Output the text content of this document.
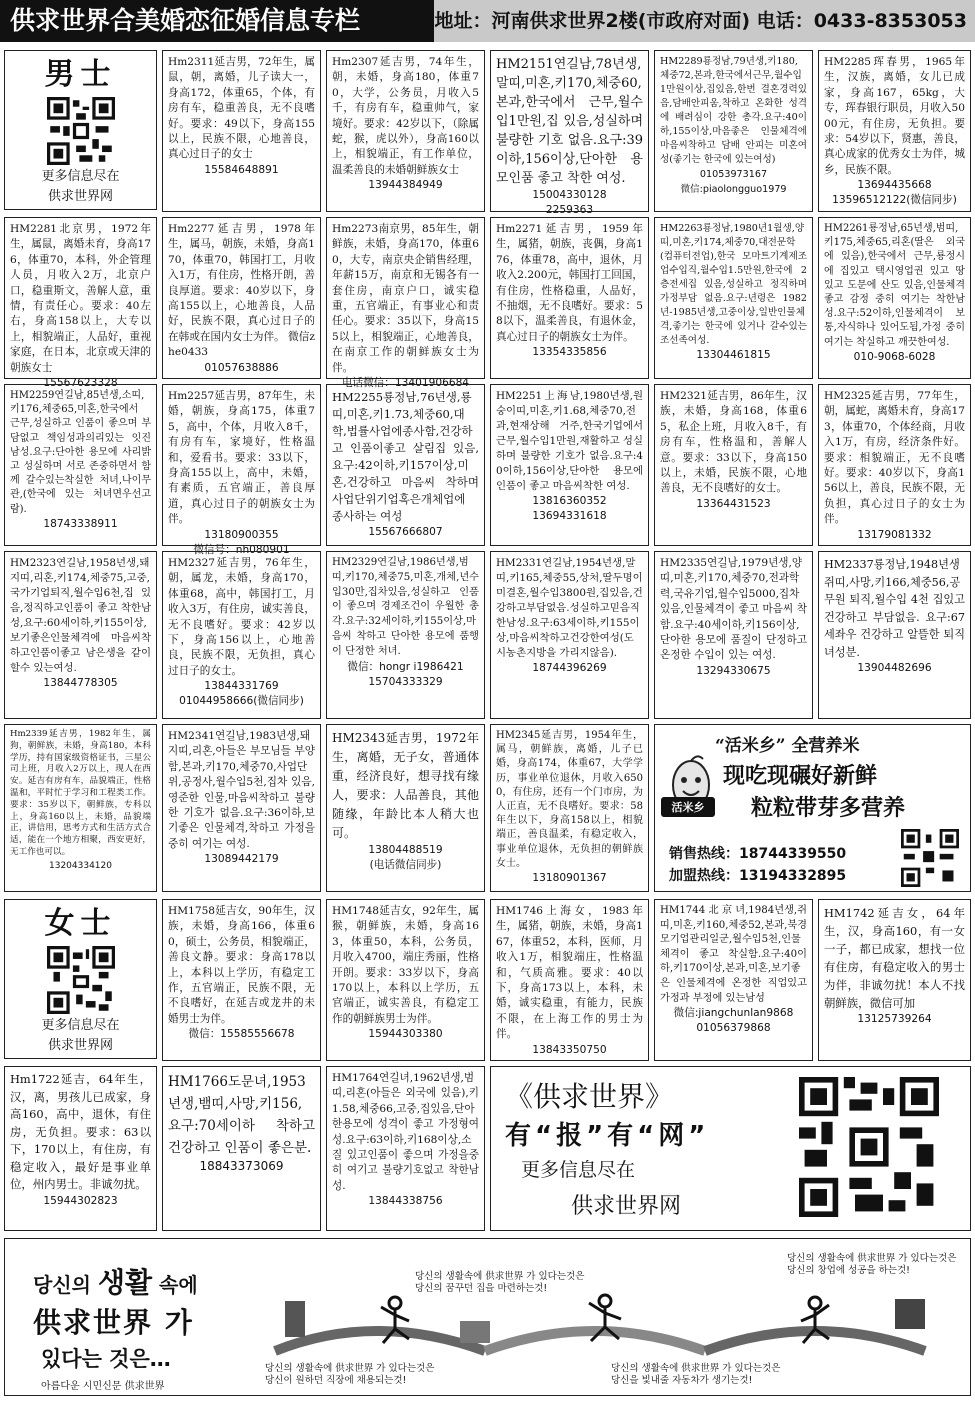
供求世界合美婚恋征婚信息专栏	地址：河南供求世界2楼(市政府对面) 电话：0433-8353053
男士
更多信息尽在
供求世界网
女士
更多信息尽在
供求世界网
Hm2311延吉男，72年生，属鼠，朝，离婚，儿子读大一，身高172，体重65，个体，有房有车，稳重善良，无不良嗜好。要求：49以下，身高155以上，民族不限，心地善良，真心过日子的女士
15584648891
Hm2307延吉男，74年生，朝，未婚，身高180，体重70，大学，公务员，月收入5千，有房有车，稳重帅气，家境好。要求：42岁以下，（除属蛇，猴，虎以外），身高160以上，相貌端正，有工作单位，温柔善良的未婚朝鲜族女士
13944384949
HM2151연길남,78년생,말띠,미혼,키170,체중60,본과,한국에서 근무,월수입1만원,집 있음,성실하며 불량한 기호 없음.요구:39이하,156이상,단아한 용모인품 좋고 착한 여성.
15004330128
2259363
HM2289룡정남,79년생,키180,체중72,본과,한국에서근무,월수입1만원이상,집있음,한번 결혼경력있음,담배안피움,착하고 온화한 성격에 배려심이 강한 총각.요구:40이하,155이상,마음좋은 인물체격에 마음씨착하고 담배 안피는 미혼여성(좋기는 한국에 있는여성)
01053973167
微信:piaolongguo1979
HM2285珲春男，1965年生，汉族，离婚，女儿已成家，身高167，65kg，大专，珲春银行职员，月收入5000元，有住房，无负担。要求：54岁以下，贤惠，善良，真心成家的优秀女士为伴，城乡，民族不限。
13694435668
13596512122(微信同步)
HM2281北京男，1972年生，属鼠，离婚未育，身高176，体重70，本科，外企管理人员，月收入2万，北京户口，稳重斯文，善解人意，重情，有责任心。要求：40左右，身高158以上，大专以上，相貌端正，人品好，重视家庭，在日本，北京或天津的朝族女士
15567623328
Hm2277延吉男，1978年生，属马，朝族，未婚，身高170，体重70，韩国打工，月收入1万，有住房，性格开朗，善良厚道。要求：40岁以下，身高155以上，心地善良，人品好，民族不限，真心过日子的在韩或在国内女士为伴。 微信zhe0433
01057638886
Hm2273南京男，85年生，朝鲜族，未婚，身高170，体重60，大专，南京央企销售经理，年薪15万，南京和无锡各有一套住房，南京户口，诚实稳重，五官端正，有事业心和责任心。要求：35以下，身高155以上，相貌端正，心地善良，在南京工作的朝鲜族女士为伴。
电话微信：13401906684
Hm2271延吉男，1959年生，属猪，朝族，丧偶，身高176，体重78，高中，退休，月收入2.200元，韩国打工回国，有住房，性格稳重，人品好，不抽烟，无不良嗜好。要求：58以下，温柔善良，有退休金，真心过日子的朝族女士为伴。
13354335856
HM2263룡정남,1980년1월생,양띠,미혼,키174,체중70,대전문학(컴퓨터전업),한국 모마트기계제조업수입직,월수입1.5만원,한국에 2층전세집 있음,성실하고 정직하며 가정부담 없음.요구:년령은 1982년-1985년생,고중이상,일반인물체격,좋기는 한국에 있거나 갈수있는 조선족여성.
13304461815
HM2261룡정남,65년생,범띠,키175,체중65,리혼(딸은 외국에 있음),한국에서 근무,룡정시에 집있고 택시영업권 있고 땅 있고 도문에 산도 있음,인물체격 좋고 감정 중히 여기는 착한남성.요구:52이하,인물체격이 보통,자식하나 있어도됨,가정 중히 여기는 착실하고 깨끗한여성.
010-9068-6028
HM2259연길남,85년생,소띠,키176,체중65,미혼,한국에서 근무,성실하고 인품이 좋으며 부담없고 책임성과의리있는 잇진 남성.요구:단아한 용모에 사리밝고 성실하며 서로 존중하면서 함께 갈수있는착실한 처녀,나이무관,(한국에 있는 처녀면우선고람).
18743338911
Hm2257延吉男，87年生，未婚，朝族，身高175，体重75，高中，个体，月收入8千，有房有车，家境好，性格温和，爱看书。要求：33以下，身高155以上，高中，未婚，有素质，五官端正，善良厚道，真心过日子的朝族女士为伴。
13180900355
微信号：nh080901
HM2255룡정남,76년생,룡띠,미혼,키1.73,체중60,대학,법률사업에종사함,건강하고 인품이좋고 살림집 있음,요구:42이하,키157이상,미혼,건강하고 마음씨 착하며 사업단위기업혹은개체업에 종사하는 여성
15567666807
HM2251上海남,1980년생,원숭이띠,미혼,키1.68,체중70,전과,현재상해 거주,한국기업에서근무,월수입1만원,재활하고 성실하며 불량한 기호가 없음.요구:40이하,156이상,단아한 용모에 인품이 좋고 마음씨착한 여성.
13816360352
13694331618
HM2321延吉男，86年生，汉族，未婚，身高168，体重65，私企上班，月收入8千，有房有车，性格温和，善解人意。要求：33以下，身高150以上，未婚，民族不限，心地善良，无不良嗜好的女士。
13364431523
HM2325延吉男，77年生，朝，属蛇，离婚未育，身高173，体重70，个体经商，月收入1万，有房，经济条件好。要求：相貌端正，无不良嗜好。要求：40岁以下，身高156以上，善良，民族不限，无负担，真心过日子的女士为伴。
13179081332
HM2323연길남,1958년생,돼지띠,리혼,키174,체중75,고중,국가기업퇴직,월수입6천,집 있음,정직하고인품이 좋고 착한남성,요구:60세이하,키155이상,보기좋은인물체격에 마음씨착하고인품이좋고 남은생을 같이할수 있는여성.
13844778305
HM2327延吉男，76年生，朝，属龙，未婚，身高170，体重68，高中，韩国打工，月收入3万，有住房，诚实善良，无不良嗜好。要求：42岁以下，身高156以上，心地善良，民族不限，无负担，真心过日子的女士。
13844331769
01044958666(微信同步)
HM2329연길남,1986년생,범띠,키170,체중75,미혼,개체,년수입30만,집차있음,성실하고 인품이 좋으며 경제조건이 우월한 총각.요구:32세이하,키155이상,마음씨 착하고 단아한 용모에 품행이 단정한 처녀.
微信：hongr i1986421
15704333329
HM2331연길남,1954년생,말띠,키165,체중55,상처,딸두명이미결혼,월수입3800원,집있음,건강하고부담없음.성실하고믿음직한남성.요구:63세이하,키155이상,마음씨착하고건강한여성(도시농촌지방을 가리지않음).
18744396269
HM2335연길남,1979년생,양띠,미혼,키170,체중70,전과학력,국유기업,월수입5000,집차있음,인물체격이 좋고 마음씨 착함.요구:40세이하,키156이상,단아한 용모에 품질이 단정하고 온정한 수입이 있는 여성.
13294330675
HM2337룡정남,1948년생쥐띠,사망,키166,체중56,공무원 퇴직,월수입 4천 집있고 건강하고 부담없음. 요구:67세좌우 건강하고 알뜰한 퇴직녀성분.
13904482696
Hm2339延吉男，1982年生，属狗，朝鲜族，未婚，身高180，本科学历，持有国家级资格证书，三星公司上班，月收入2万以上，现人在西安。延吉有房有车，品貌端正，性格温和，平时忙于学习和工程类工作。要求：35岁以下，朝鲜族，专科以上，身高160以上，未婚，品貌端正，讲信用，思考方式和生活方式合适，能在一个地方相聚，西安更好，无工作也可以。
13204334120
HM2341연길남,1983년생,돼지띠,리혼,아들은 부모님들 부양함,본과,키170,체중70,사업단위,공정사,월수입5천,집차 있음,영준한 인물,마음씨착하고 불량한 기호가 없음.요구:36이하,보기좋은 인물체격,착하고 가정을 중히 여기는 여성.
13089442179
HM2343延吉男，1972年生，离婚，无子女，普通体重，经济良好，想寻找有缘人，要求：人品善良，其他随缘，年龄比本人稍大也可。
13804488519
(电话微信同步)
HM2345延吉男，1954年生，属马，朝鲜族，离婚，儿子已婚，身高174，体重67，大学学历，事业单位退休，月收入6500，有住房，还有一个门市房，为人正直，无不良嗜好。要求：58年生以下，身高158以上，相貌端正，善良温柔，有稳定收入，事业单位退休，无负担的朝鲜族女士。
13180901367
“活米乡” 全营养米
活米乡
现吃现碾好新鲜
粒粒带芽多营养
销售热线：18744339550
加盟热线：13194332895
HM1758延吉女，90年生，汉族，未婚，身高166，体重60，硕士，公务员，相貌端正，善良文静。要求：身高178以上，本科以上学历，有稳定工作，五官端正，民族不限，无不良嗜好，在延吉或龙井的未婚男士为伴。
微信：15585556678
HM1748延吉女，92年生，属猴，朝鲜族，未婚，身高163，体重50，本科，公务员，月收入4700，端庄秀丽，性格开朗。要求：33岁以下，身高170以上，本科以上学历，五官端正，诚实善良，有稳定工作的朝鲜族男士为伴。
15944303380
HM1746上海女，1983年生，属猪，朝族，未婚，身高167，体重52，本科，医师，月收入1万，相貌端庄，性格温和，气质高雅。要求：40以下，身高173以上，本科，未婚，诚实稳重，有能力，民族不限，在上海工作的男士为伴。
13843350750
HM1744北京녀,1984년생,쥐띠,미혼,키160,체중52,본과,북경 모기업관리일군,월수입5천,인물체격이 좋고 착실함.요구:40이하,키170이상,본과,미혼,보기좋은 인물체격에 온정한 직업있고 가정과 부정에 있는남성
微信:jiangchunlan9868
01056379868
HM1742延吉女，64年生，汉，身高160，有一女一子，都已成家，想找一位有住房，有稳定收入的男士为伴，非诚勿扰！本人不找朝鲜族，微信可加
13125739264
Hm1722延吉，64年生，汉，离，男孩儿已成家，身高160，高中，退休，有住房，无负担。要求：63以下，170以上，有住房，有稳定收入，最好是事业单位，州内男士。非诚勿扰。
15944302823
HM1766도문녀,1953년생,뱀띠,사망,키156,요구:70세이하 착하고 건강하고 인품이 좋은분.
18843373069
HM1764연길녀,1962년생,범띠,리혼(아들은 외국에 있음),키1.58,체중66,고중,집있음,단아한용모에 성격이 좋고 가정형여성.요구:63이하,키168이상,소질 있고인품이 좋으며 가정을중히 여기고 불량기호없고 착한남성.
13844338756
《供求世界》
有“报”有“网”
更多信息尽在
供求世界网
당신의 생활 속에
供求世界 가
있다는 것은…
아름다운 시민신문 供求世界
당신의 생활속에 供求世界 가 있다는것은
당신의 꿈꾸던 집을 마련하는것!
당신의 생활속에 供求世界 가 있다는것은
당신의 창업에 성공을 하는것!
당신의 생활속에 供求世界 가 있다는것은
당신이 원하던 직장에 채용되는것!
당신의 생활속에 供求世界 가 있다는것은
당신을 빛내줄 자동차가 생기는것!
